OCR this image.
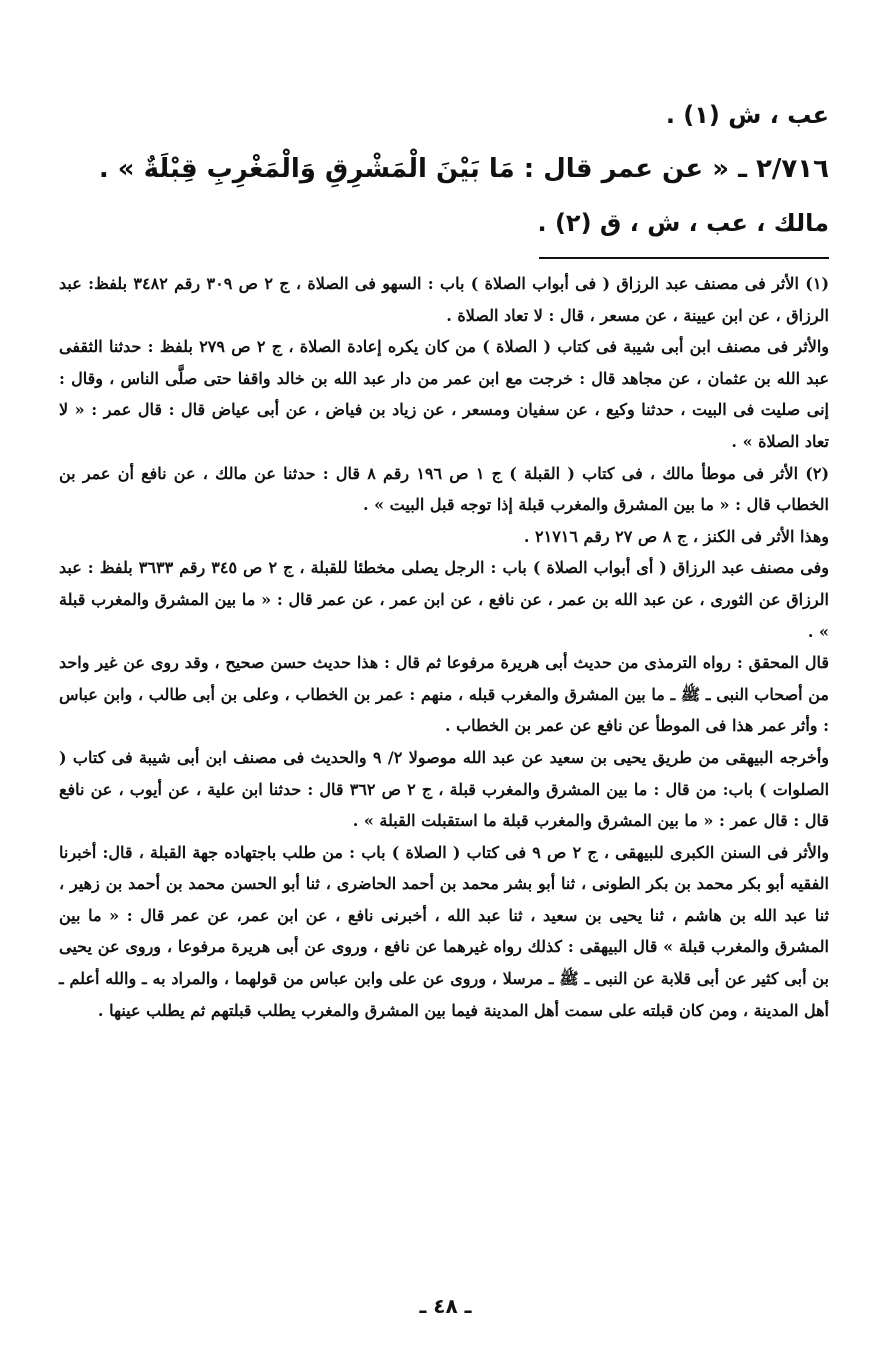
عب ، ش (١) .

٢/٧١٦ ـ « عن عمر قال : مَا بَيْنَ الْمَشْرِقِ وَالْمَغْرِبِ قِبْلَةٌ » .

مالك ، عب ، ش ، ق (٢) .

(١) الأثر فى مصنف عبد الرزاق ( فى أبواب الصلاة ) باب : السهو فى الصلاة ، ج ٢ ص ٣٠٩ رقم ٣٤٨٢ بلفظ: عبد الرزاق ، عن ابن عيينة ، عن مسعر ، قال : لا تعاد الصلاة .

والأثر فى مصنف ابن أبى شيبة فى كتاب ( الصلاة ) من كان يكره إعادة الصلاة ، ج ٢ ص ٢٧٩ بلفظ : حدثنا الثقفى عبد الله بن عثمان ، عن مجاهد قال : خرجت مع ابن عمر من دار عبد الله بن خالد واقفا حتى صلَّى الناس ، وقال : إنى صليت فى البيت ، حدثنا وكيع ، عن سفيان ومسعر ، عن زياد بن فياض ، عن أبى عياض قال : قال عمر : « لا تعاد الصلاة » .

(٢) الأثر فى موطأ مالك ، فى كتاب ( القبلة ) ج ١ ص ١٩٦ رقم ٨ قال : حدثنا عن مالك ، عن نافع أن عمر بن الخطاب قال : « ما بين المشرق والمغرب قبلة إذا توجه قبل البيت » .

وهذا الأثر فى الكنز ، ج ٨ ص ٢٧ رقم ٢١٧١٦ .

وفى مصنف عبد الرزاق ( أى أبواب الصلاة ) باب : الرجل يصلى مخطئا للقبلة ، ج ٢ ص ٣٤٥ رقم ٣٦٣٣ بلفظ : عبد الرزاق عن الثورى ، عن عبد الله بن عمر ، عن نافع ، عن ابن عمر ، عن عمر قال : « ما بين المشرق والمغرب قبلة » .

قال المحقق : رواه الترمذى من حديث أبى هريرة مرفوعا ثم قال : هذا حديث حسن صحيح ، وقد روى عن غير واحد من أصحاب النبى ـ ﷺ ـ ما بين المشرق والمغرب قبله ، منهم : عمر بن الخطاب ، وعلى بن أبى طالب ، وابن عباس : وأثر عمر هذا فى الموطأ عن نافع عن عمر بن الخطاب .

وأخرجه البيهقى من طريق يحيى بن سعيد عن عبد الله موصولا ٢/ ٩ والحديث فى مصنف ابن أبى شيبة فى كتاب ( الصلوات ) باب: من قال : ما بين المشرق والمغرب قبلة ، ج ٢ ص ٣٦٢ قال : حدثنا ابن علية ، عن أيوب ، عن نافع قال : قال عمر : « ما بين المشرق والمغرب قبلة ما استقبلت القبلة » .

والأثر فى السنن الكبرى للبيهقى ، ج ٢ ص ٩ فى كتاب ( الصلاة ) باب : من طلب باجتهاده جهة القبلة ، قال: أخبرنا الفقيه أبو بكر محمد بن بكر الطونى ، ثنا أبو بشر محمد بن أحمد الحاضرى ، ثنا أبو الحسن محمد بن أحمد بن زهير ، ثنا عبد الله بن هاشم ، ثنا يحيى بن سعيد ، ثنا عبد الله ، أخبرنى نافع ، عن ابن عمر، عن عمر قال : « ما بين المشرق والمغرب قبلة » قال البيهقى : كذلك رواه غيرهما عن نافع ، وروى عن أبى هريرة مرفوعا ، وروى عن يحيى بن أبى كثير عن أبى قلابة عن النبى ـ ﷺ ـ مرسلا ، وروى عن على وابن عباس من قولهما ، والمراد به ـ والله أعلم ـ أهل المدينة ، ومن كان قبلته على سمت أهل المدينة فيما بين المشرق والمغرب يطلب قبلتهم ثم يطلب عينها .

ـ ٤٨ ـ
